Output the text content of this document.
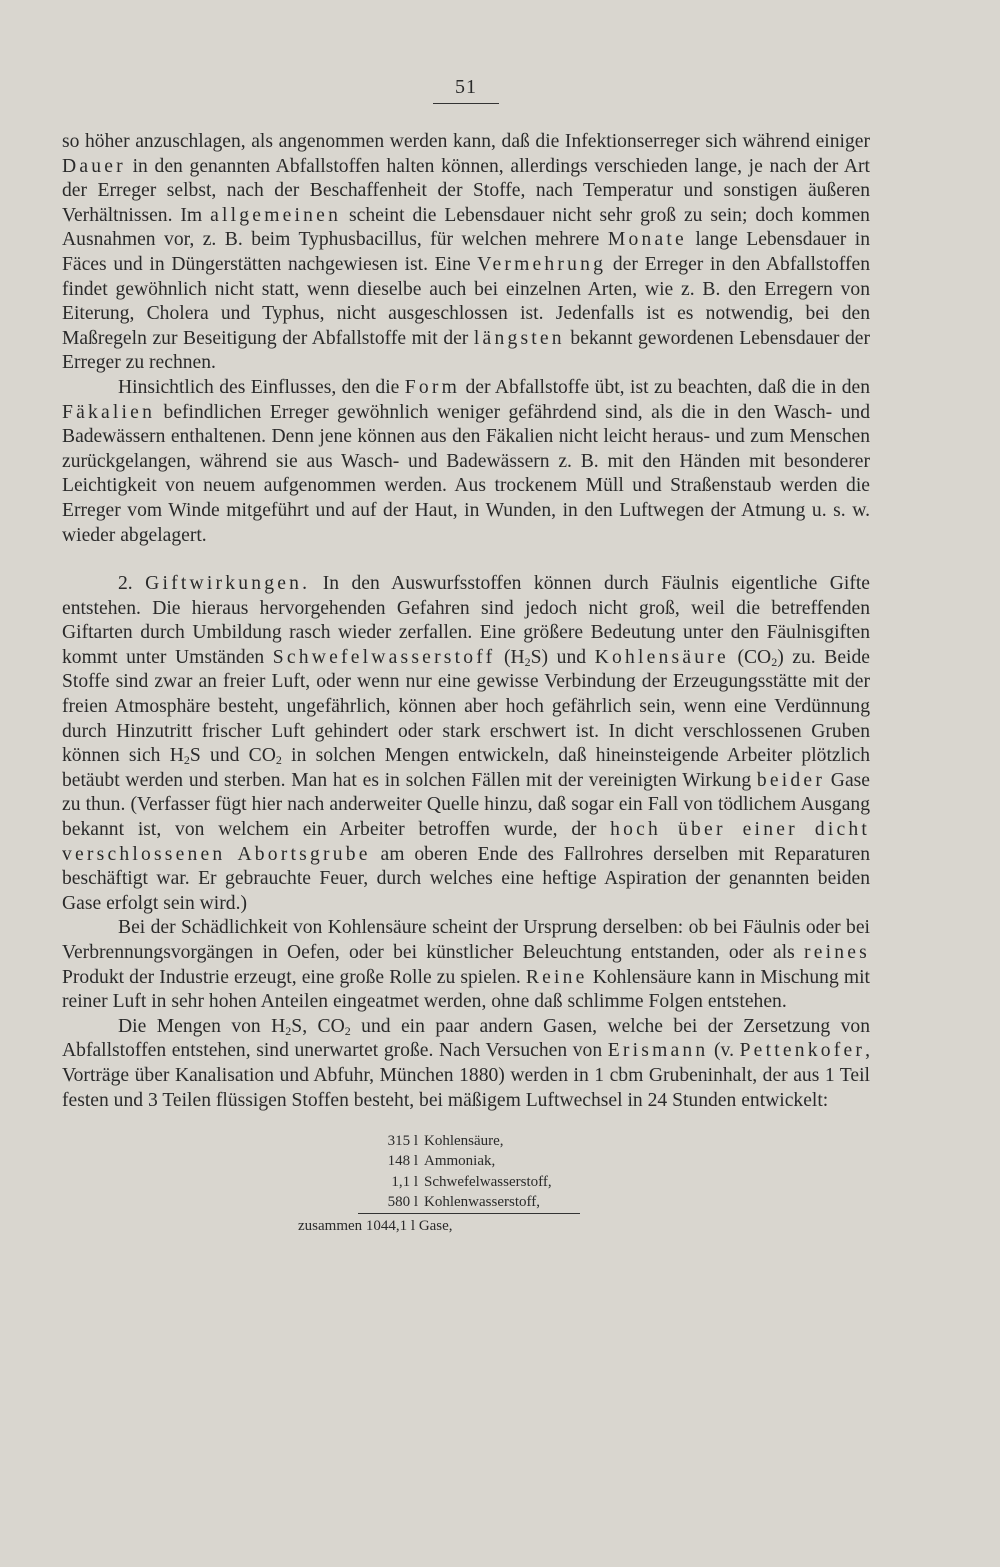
51

so höher anzuschlagen, als angenommen werden kann, daß die Infektionserreger sich während einiger Dauer in den genannten Abfallstoffen halten können, allerdings verschieden lange, je nach der Art der Erreger selbst, nach der Beschaffenheit der Stoffe, nach Temperatur und sonstigen äußeren Verhältnissen. Im allgemeinen scheint die Lebensdauer nicht sehr groß zu sein; doch kommen Ausnahmen vor, z. B. beim Typhusbacillus, für welchen mehrere Monate lange Lebensdauer in Fäces und in Düngerstätten nachgewiesen ist. Eine Vermehrung der Erreger in den Abfallstoffen findet gewöhnlich nicht statt, wenn dieselbe auch bei einzelnen Arten, wie z. B. den Erregern von Eiterung, Cholera und Typhus, nicht ausgeschlossen ist. Jedenfalls ist es notwendig, bei den Maßregeln zur Beseitigung der Abfallstoffe mit der längsten bekannt gewordenen Lebensdauer der Erreger zu rechnen.

Hinsichtlich des Einflusses, den die Form der Abfallstoffe übt, ist zu beachten, daß die in den Fäkalien befindlichen Erreger gewöhnlich weniger gefährdend sind, als die in den Wasch- und Badewässern enthaltenen. Denn jene können aus den Fäkalien nicht leicht heraus- und zum Menschen zurückgelangen, während sie aus Wasch- und Badewässern z. B. mit den Händen mit besonderer Leichtigkeit von neuem aufgenommen werden. Aus trockenem Müll und Straßenstaub werden die Erreger vom Winde mitgeführt und auf der Haut, in Wunden, in den Luftwegen der Atmung u. s. w. wieder abgelagert.

2. Giftwirkungen. In den Auswurfsstoffen können durch Fäulnis eigentliche Gifte entstehen. Die hieraus hervorgehenden Gefahren sind jedoch nicht groß, weil die betreffenden Giftarten durch Umbildung rasch wieder zerfallen. Eine größere Bedeutung unter den Fäulnisgiften kommt unter Umständen Schwefelwasserstoff $(H_2S)$ und Kohlensäure $(CO_2)$ zu. Beide Stoffe sind zwar an freier Luft, oder wenn nur eine gewisse Verbindung der Erzeugungsstätte mit der freien Atmosphäre besteht, ungefährlich, können aber hoch gefährlich sein, wenn eine Verdünnung durch Hinzutritt frischer Luft gehindert oder stark erschwert ist. In dicht verschlossenen Gruben können sich $H_2S$ und $CO_2$ in solchen Mengen entwickeln, daß hineinsteigende Arbeiter plötzlich betäubt werden und sterben. Man hat es in solchen Fällen mit der vereinigten Wirkung beider Gase zu thun. (Verfasser fügt hier nach anderweiter Quelle hinzu, daß sogar ein Fall von tödlichem Ausgang bekannt ist, von welchem ein Arbeiter betroffen wurde, der hoch über einer dicht verschlossenen Abortsgrube am oberen Ende des Fallrohres derselben mit Reparaturen beschäftigt war. Er gebrauchte Feuer, durch welches eine heftige Aspiration der genannten beiden Gase erfolgt sein wird.)

Bei der Schädlichkeit von Kohlensäure scheint der Ursprung derselben: ob bei Fäulnis oder bei Verbrennungsvorgängen in Oefen, oder bei künstlicher Beleuchtung entstanden, oder als reines Produkt der Industrie erzeugt, eine große Rolle zu spielen. Reine Kohlensäure kann in Mischung mit reiner Luft in sehr hohen Anteilen eingeatmet werden, ohne daß schlimme Folgen entstehen.

Die Mengen von $H_2S$, $CO_2$ und ein paar andern Gasen, welche bei der Zersetzung von Abfallstoffen entstehen, sind unerwartet große. Nach Versuchen von Erismann (v. Pettenkofer, Vorträge über Kanalisation und Abfuhr, München 1880) werden in 1 cbm Grubeninhalt, der aus 1 Teil festen und 3 Teilen flüssigen Stoffen besteht, bei mäßigem Luftwechsel in 24 Stunden entwickelt:

315 l Kohlensäure,
148 l Ammoniak,
1,1 l Schwefelwasserstoff,
580 l Kohlenwasserstoff,
zusammen 1044,1 l Gase,
